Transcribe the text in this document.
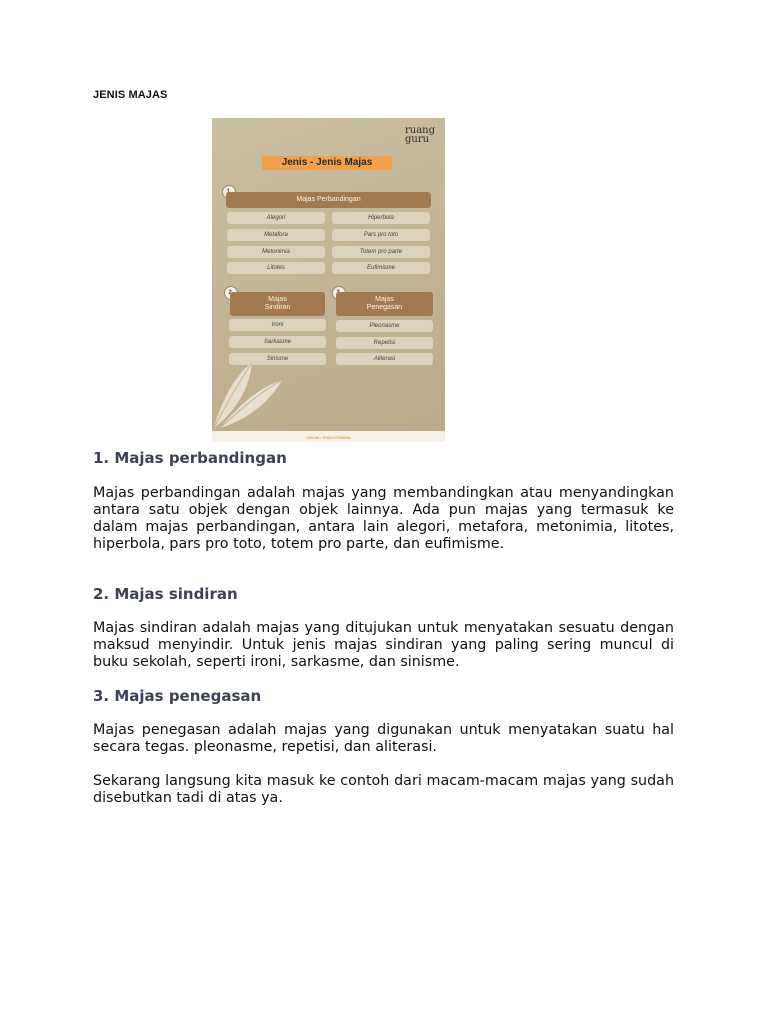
JENIS MAJAS
ruang
guru
Jenis - Jenis Majas
Majas Perbandingan
Alegori
Metafora
Metonimia
Litotes
Hiperbola
Pars pro toto
Totem pro parte
Eufimisme
Majas
Sindiran
Ironi
Sarkasme
Sinisme
Majas
Penegasan
Pleonasme
Repetisi
Aliterasi
VISUAL: RISA UTAMINA
1. Majas perbandingan
Majas perbandingan adalah majas yang membandingkan atau menyandingkan antara satu objek dengan objek lainnya. Ada pun majas yang termasuk ke dalam majas perbandingan, antara lain alegori, metafora, metonimia, litotes, hiperbola, pars pro toto, totem pro parte, dan eufimisme.
2. Majas sindiran
Majas sindiran adalah majas yang ditujukan untuk menyatakan sesuatu dengan maksud menyindir. Untuk jenis majas sindiran yang paling sering muncul di buku sekolah, seperti ironi, sarkasme, dan sinisme.
3. Majas penegasan
Majas penegasan adalah majas yang digunakan untuk menyatakan suatu hal secara tegas. pleonasme, repetisi, dan aliterasi.
Sekarang langsung kita masuk ke contoh dari macam-macam majas yang sudah disebutkan tadi di atas ya.
